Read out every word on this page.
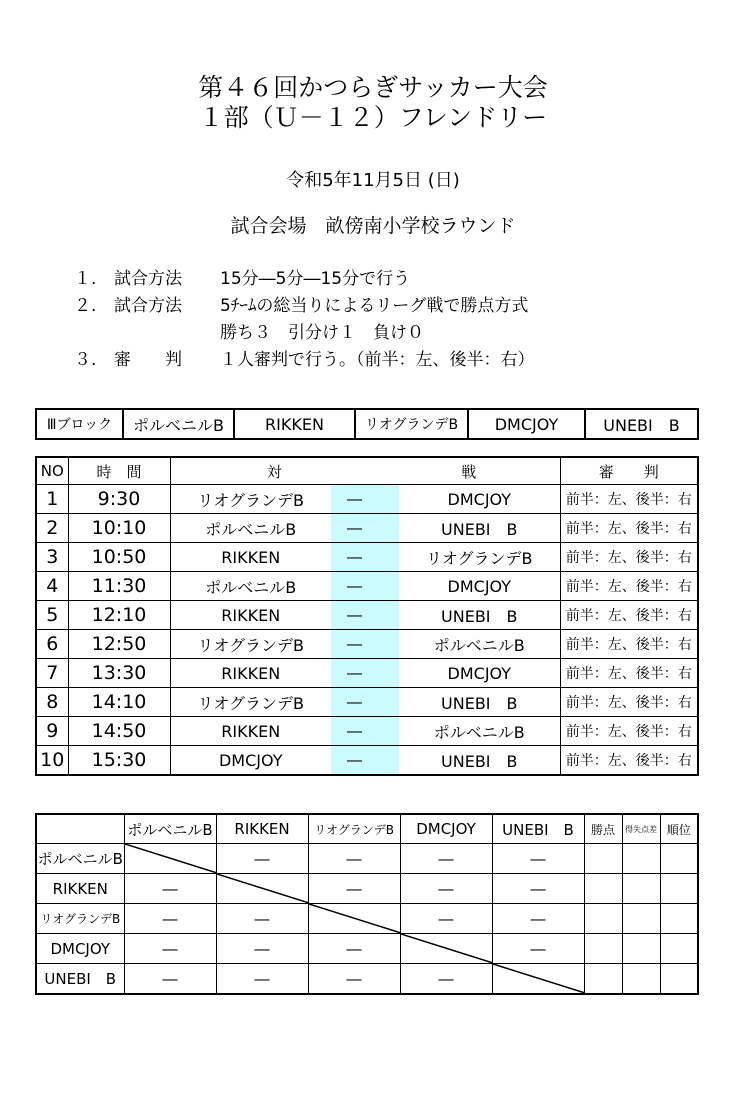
第４６回かつらぎサッカー大会
１部（Ｕ－１２）フレンドリー
令和5年11月5日 (日)
試合会場　畝傍南小学校ラウンド
１. 試合方法 15分―5分―15分で行う
２. 試合方法 5ﾁｰﾑの総当りによるリーグ戦で勝点方式
勝ち３　引分け１　負け０
３. 審　　判 １人審判で行う。（前半：左、後半：右）
Ⅲブロック	ポルベニルB	RIKKEN	リオグランデB	DMCJOY	UNEBI　B
NO	時　間	対		戦		審　　判
1	9:30	リオグランデB	―		DMCJOY	前半：左、後半：右
2	10:10	ポルベニルB	―		UNEBI　B	前半：左、後半：右
3	10:50	RIKKEN	―		リオグランデB	前半：左、後半：右
4	11:30	ポルベニルB	―		DMCJOY	前半：左、後半：右
5	12:10	RIKKEN	―		UNEBI　B	前半：左、後半：右
6	12:50	リオグランデB	―		ポルベニルB	前半：左、後半：右
7	13:30	RIKKEN	―		DMCJOY	前半：左、後半：右
8	14:10	リオグランデB	―		UNEBI　B	前半：左、後半：右
9	14:50	RIKKEN	―		ポルベニルB	前半：左、後半：右
10	15:30	DMCJOY	―		UNEBI　B	前半：左、後半：右
	ポルベニルB	RIKKEN	リオグランデB	DMCJOY	UNEBI　B	勝点	得失点差	順位
ポルベニルB		―	―	―	―			
RIKKEN	―		―	―	―			
リオグランデB	―	―		―	―			
DMCJOY	―	―	―		―			
UNEBI　B	―	―	―	―	
